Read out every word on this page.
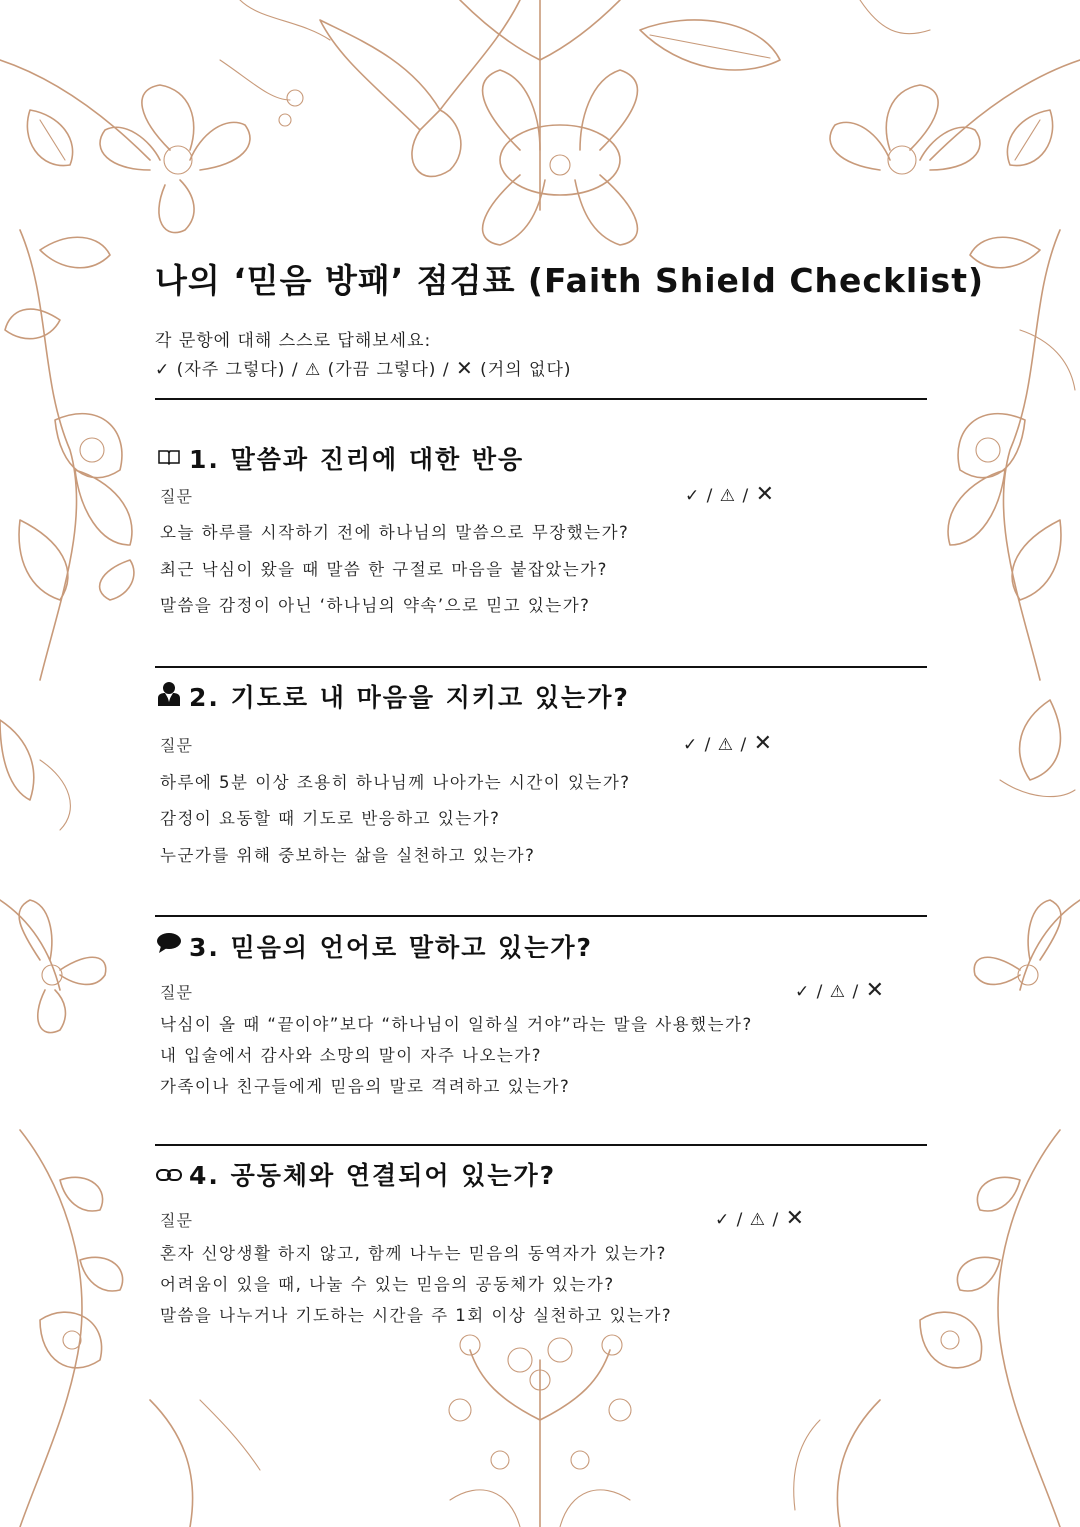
나의 ‘믿음 방패’ 점검표 (Faith Shield Checklist)

각 문항에 대해 스스로 답해보세요:

✓ (자주 그렇다) / ⚠ (가끔 그렇다) / ✕ (거의 없다)

1. 말씀과 진리에 대한 반응
질문	✓ / ⚠ / ✕

오늘 하루를 시작하기 전에 하나님의 말씀으로 무장했는가?

최근 낙심이 왔을 때 말씀 한 구절로 마음을 붙잡았는가?

말씀을 감정이 아닌 ‘하나님의 약속’으로 믿고 있는가?

2. 기도로 내 마음을 지키고 있는가?
질문	✓ / ⚠ / ✕

하루에 5분 이상 조용히 하나님께 나아가는 시간이 있는가?

감정이 요동할 때 기도로 반응하고 있는가?

누군가를 위해 중보하는 삶을 실천하고 있는가?

3. 믿음의 언어로 말하고 있는가?
질문	✓ / ⚠ / ✕

낙심이 올 때 “끝이야”보다 “하나님이 일하실 거야”라는 말을 사용했는가?

내 입술에서 감사와 소망의 말이 자주 나오는가?

가족이나 친구들에게 믿음의 말로 격려하고 있는가?

4. 공동체와 연결되어 있는가?
질문	✓ / ⚠ / ✕

혼자 신앙생활 하지 않고, 함께 나누는 믿음의 동역자가 있는가?

어려움이 있을 때, 나눌 수 있는 믿음의 공동체가 있는가?

말씀을 나누거나 기도하는 시간을 주 1회 이상 실천하고 있는가?
